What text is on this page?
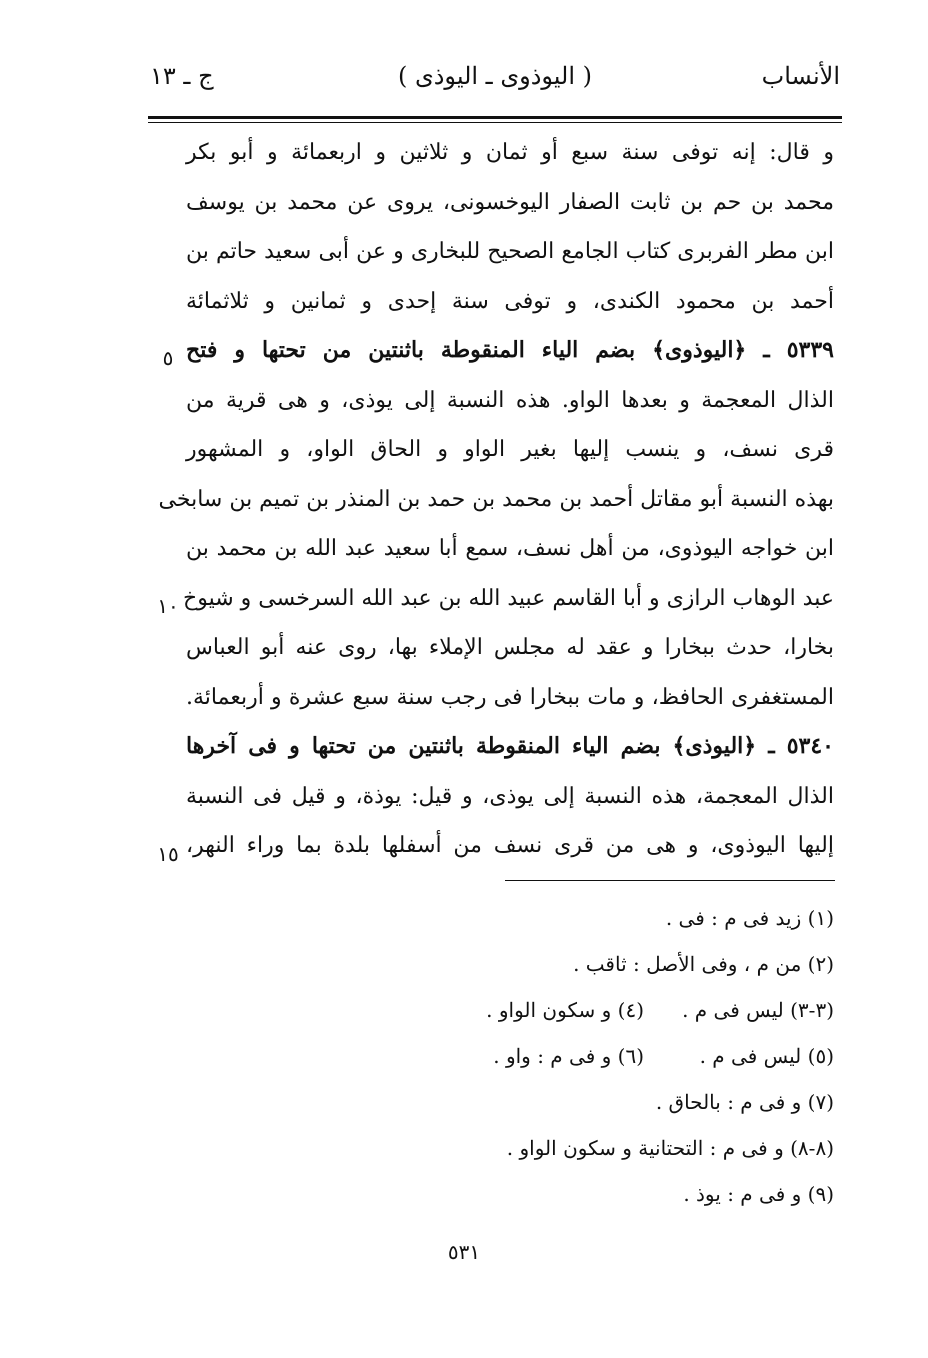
الأنساب
( اليوذوى ـ اليوذى )
ج ـ ١٣
و قال: إنه توفى سنة سبع أو ثمان و ثلاثين و اربعمائة و أبو بكر
محمد بن حم بن ثابت الصفار اليوخسونى، يروى عن محمد بن يوسف
ابن مطر الفربرى كتاب الجامع الصحيح للبخارى و عن أبى سعيد حاتم بن
أحمد بن محمود الكندى، و توفى سنة إحدى و ثمانين و ثلاثمائة
٥٣٣٩ ـ ﴿اليوذوى﴾ بضم الياء المنقوطة باثنتين من تحتها و فتح
الذال المعجمة و بعدها الواو. هذه النسبة إلى يوذى، و هى قرية من
قرى نسف، و ينسب إليها بغير الواو و الحاق الواو، و المشهور
بهذه النسبة أبو مقاتل أحمد بن محمد بن حمد بن المنذر بن تميم بن سابخى
ابن خواجه اليوذوى، من أهل نسف، سمع أبا سعيد عبد الله بن محمد بن
عبد الوهاب الرازى و أبا القاسم عبيد الله بن عبد الله السرخسى و شيوخ
بخارا، حدث ببخارا و عقد له مجلس الإملاء بها، روى عنه أبو العباس
المستغفرى الحافظ، و مات ببخارا فى رجب سنة سبع عشرة و أربعمائة.
٥٣٤٠ ـ ﴿اليوذى﴾ بضم الياء المنقوطة باثنتين من تحتها و فى آخرها
الذال المعجمة، هذه النسبة إلى يوذى، و قيل: يوذة، و قيل فى النسبة
إليها اليوذوى، و هى من قرى نسف من أسفلها بلدة بما وراء النهر،
٥
١٠
١٥
(١) زيد فى م : فى .
(٢) من م ، وفى الأصل : ثاقب .
(٣-٣) ليس فى م .
(٤) و سكون الواو .
(٥) ليس فى م .
(٦) و فى م : واو .
(٧) و فى م : بالحاق .
(٨-٨) و فى م : التحتانية و سكون الواو .
(٩) و فى م : يوذ .
٥٣١
